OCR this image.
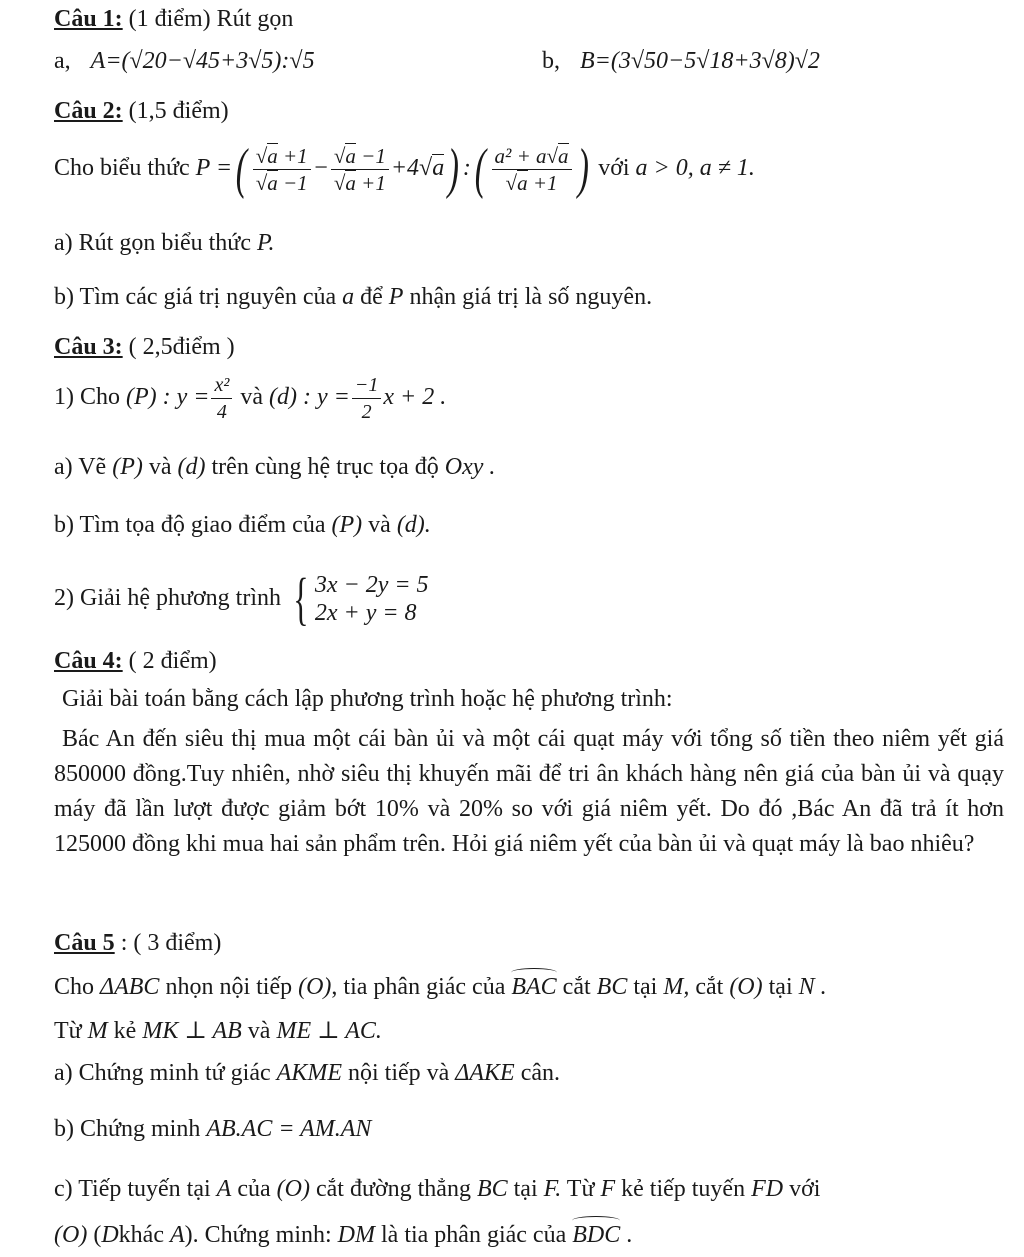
Câu 1: (1 điểm) Rút gọn
a, A=(√20−√45+3√5):√5	b, B=(3√50−5√18+3√8)√2
Câu 2: (1,5 điểm)
Cho biểu thức P =( $\frac{√a +1}{√a -1} - \frac{√a -1}{√a +1} +4√a$) :( $\frac{\text{a² + a√a}}{√a +1}$ ) với a > 0, a ≠ 1.
a) Rút gọn biểu thức P.
b) Tìm các giá trị nguyên của a để P nhận giá trị là số nguyên.
Câu 3: ( 2,5điểm )
1) Cho (P) : $y = \frac{\text{x²}}{4}$ và (d) : $y = \frac{-1}{2}$ x + 2 .
a) Vẽ (P) và (d) trên cùng hệ trục tọa độ Oxy .
b) Tìm tọa độ giao điểm của (P) và (d).
2) Giải hệ phương trình { 3x − 2y = 5
2x + y = 8
Câu 4: ( 2 điểm)
Giải bài toán bằng cách lập phương trình hoặc hệ phương trình:
Bác An đến siêu thị mua một cái bàn ủi và một cái quạt máy với tổng số tiền theo niêm yết giá 850000 đồng.Tuy nhiên, nhờ siêu thị khuyến mãi để tri ân khách hàng nên giá của bàn ủi và quạy máy đã lần lượt được giảm bớt 10% và 20% so với giá niêm yết. Do đó ,Bác An đã trả ít hơn 125000 đồng khi mua hai sản phẩm trên. Hỏi giá niêm yết của bàn ủi và quạt máy là bao nhiêu?
Câu 5 : ( 3 điểm)
Cho ΔABC nhọn nội tiếp (O), tia phân giác của BAC cắt BC tại M, cắt (O) tại N .
Từ M kẻ MK ⊥ AB và ME ⊥ AC.
a) Chứng minh tứ giác AKME nội tiếp và ΔAKE cân.
b) Chứng minh AB.AC = AM.AN
c) Tiếp tuyến tại A của (O) cắt đường thẳng BC tại F. Từ F kẻ tiếp tuyến FD với
(O) (Dkhác A). Chứng minh: DM là tia phân giác của BDC .
